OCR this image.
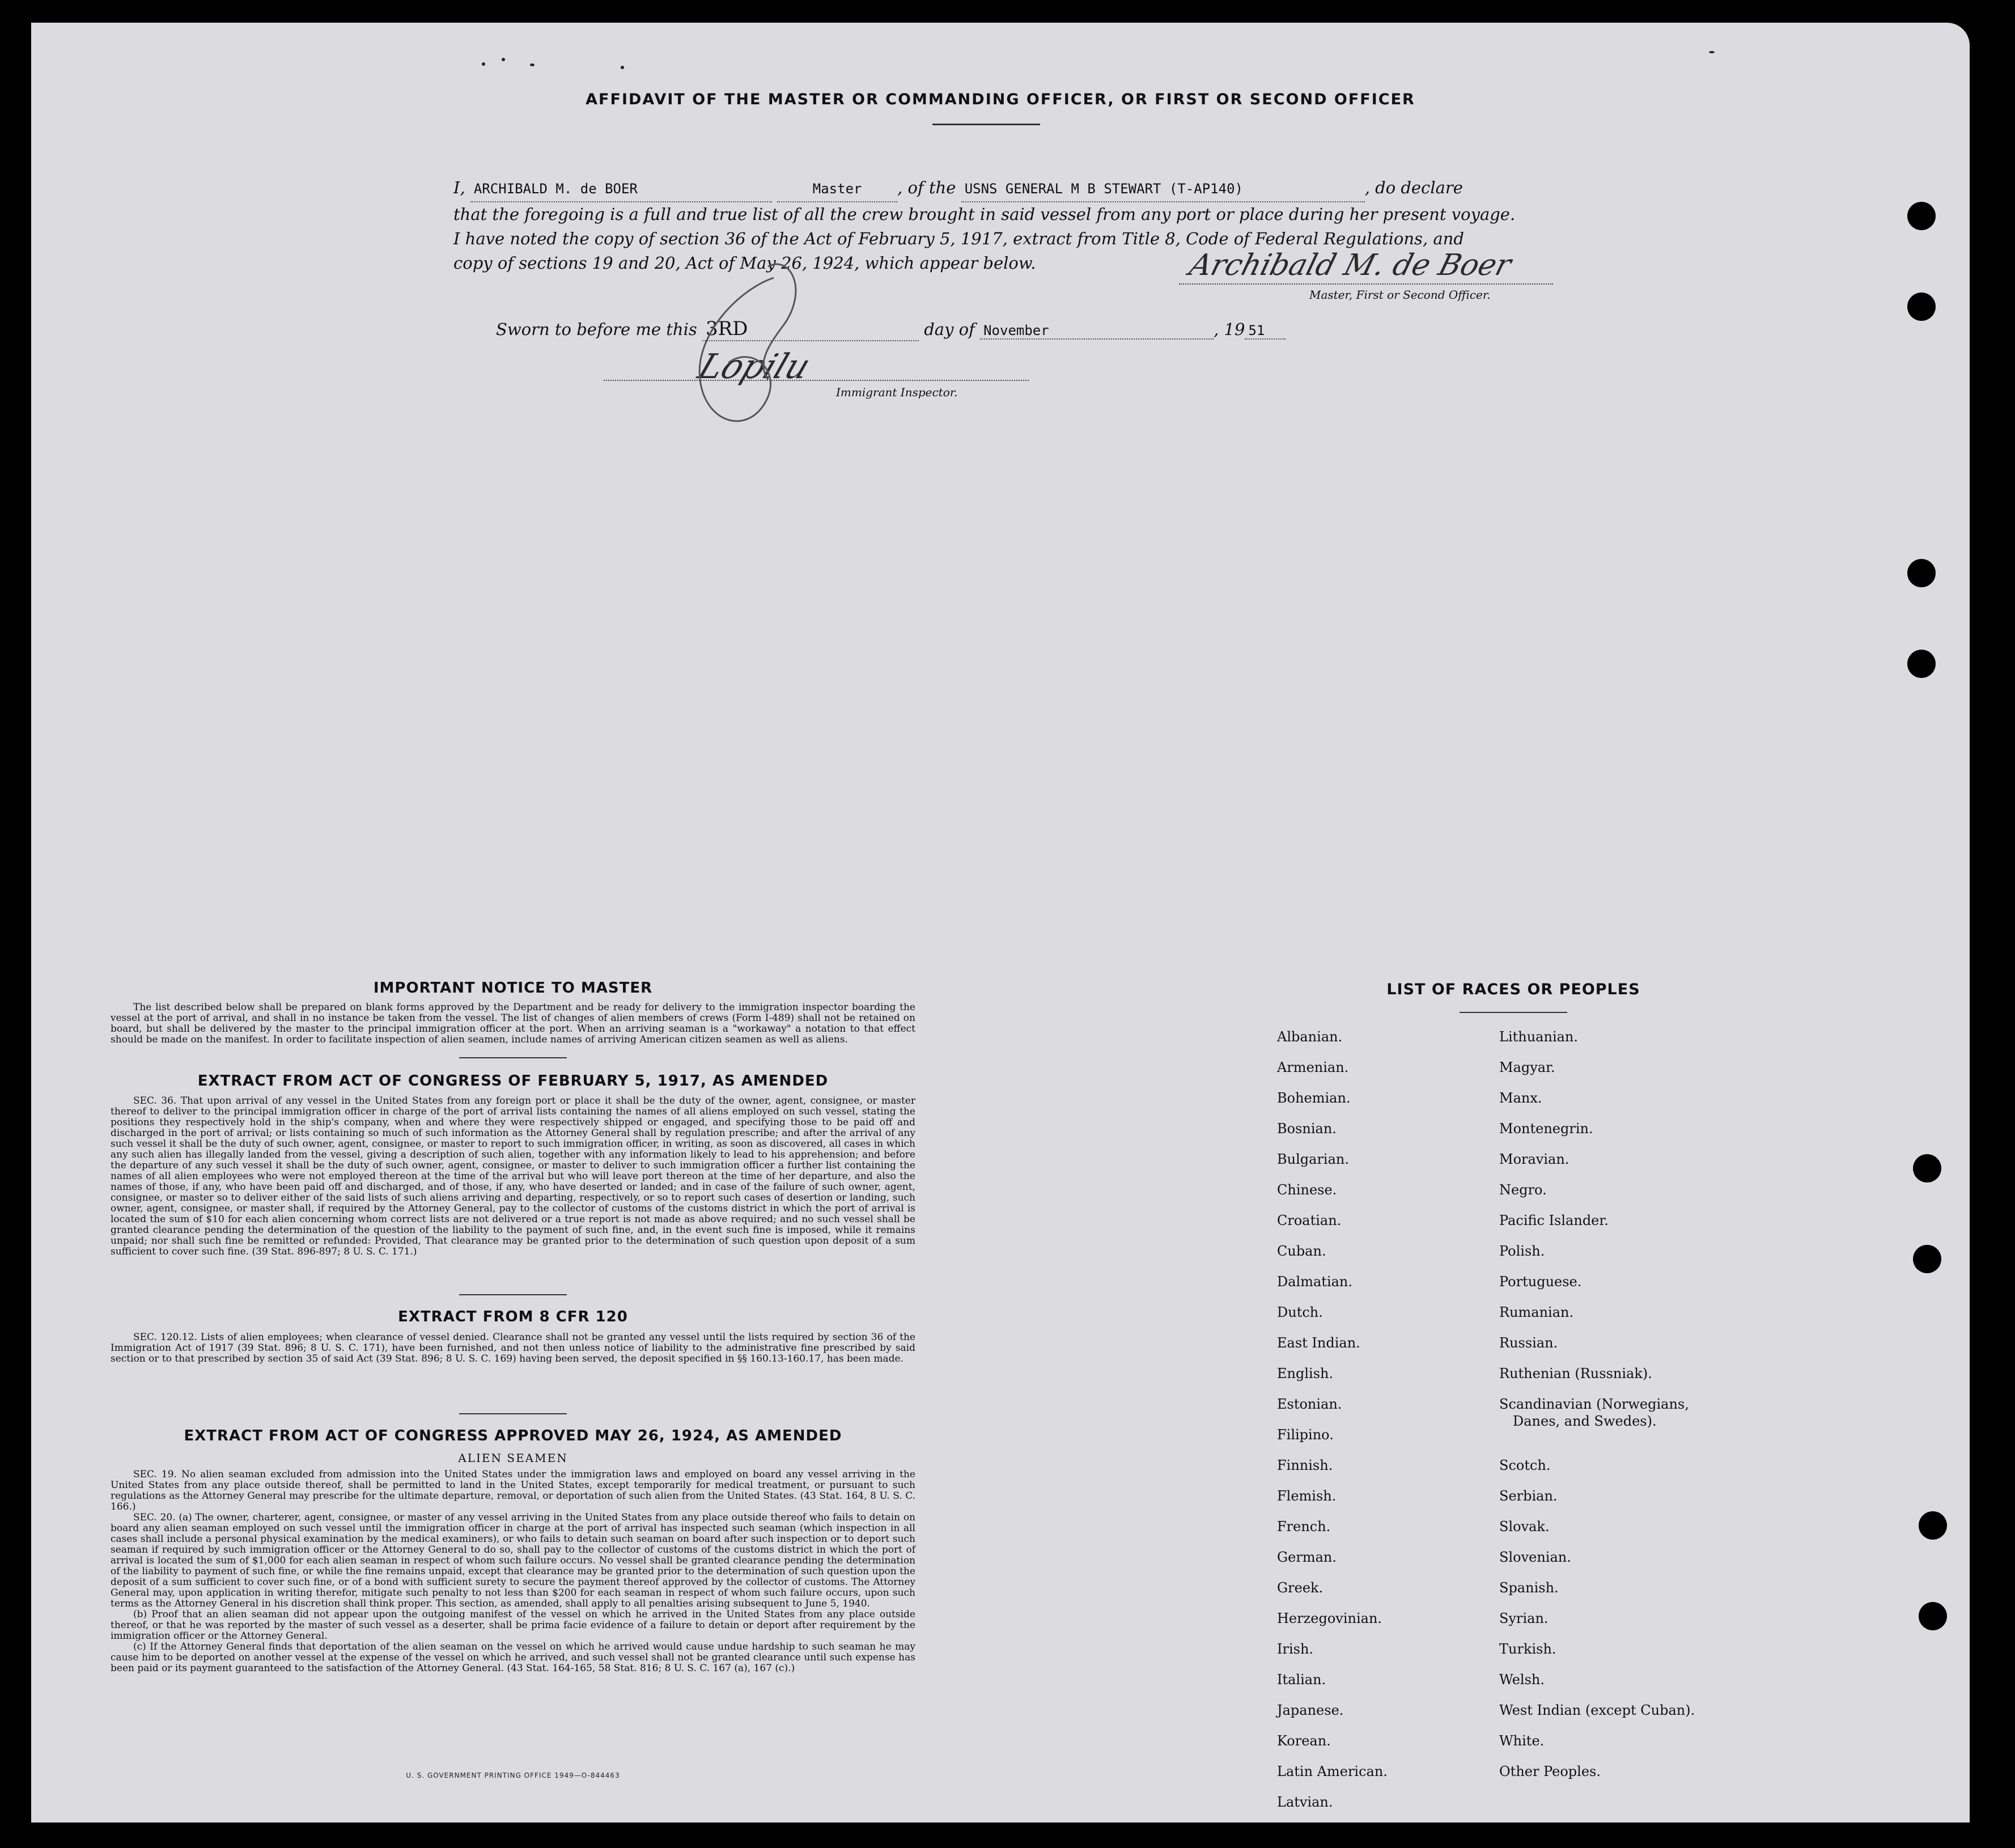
AFFIDAVIT OF THE MASTER OR COMMANDING OFFICER, OR FIRST OR SECOND OFFICER
I, ARCHIBALD M. de BOER	Master , of the USNS GENERAL M B STEWART (T-AP140)	, do declare
that the foregoing is a full and true list of all the crew brought in said vessel from any port or place during her present voyage.
I have noted the copy of section 36 of the Act of February 5, 1917, extract from Title 8, Code of Federal Regulations, and
copy of sections 19 and 20, Act of May 26, 1924, which appear below.	Archibald M. de Boer
Master, First or Second Officer.
Sworn to before me this 3RD	day of November	, 19 51
Lopilu
Immigrant Inspector.
IMPORTANT NOTICE TO MASTER
The list described below shall be prepared on blank forms approved by the Department and be ready for delivery to the immigration inspector boarding the vessel at the port of arrival, and shall in no instance be taken from the vessel. The list of changes of alien members of crews (Form I-489) shall not be retained on board, but shall be delivered by the master to the principal immigration officer at the port. When an arriving seaman is a "workaway" a notation to that effect should be made on the manifest. In order to facilitate inspection of alien seamen, include names of arriving American citizen seamen as well as aliens.
EXTRACT FROM ACT OF CONGRESS OF FEBRUARY 5, 1917, AS AMENDED
SEC. 36. That upon arrival of any vessel in the United States from any foreign port or place it shall be the duty of the owner, agent, consignee, or master thereof to deliver to the principal immigration officer in charge of the port of arrival lists containing the names of all aliens employed on such vessel, stating the positions they respectively hold in the ship's company, when and where they were respectively shipped or engaged, and specifying those to be paid off and discharged in the port of arrival; or lists containing so much of such information as the Attorney General shall by regulation prescribe; and after the arrival of any such vessel it shall be the duty of such owner, agent, consignee, or master to report to such immigration officer, in writing, as soon as discovered, all cases in which any such alien has illegally landed from the vessel, giving a description of such alien, together with any information likely to lead to his apprehension; and before the departure of any such vessel it shall be the duty of such owner, agent, consignee, or master to deliver to such immigration officer a further list containing the names of all alien employees who were not employed thereon at the time of the arrival but who will leave port thereon at the time of her departure, and also the names of those, if any, who have been paid off and discharged, and of those, if any, who have deserted or landed; and in case of the failure of such owner, agent, consignee, or master so to deliver either of the said lists of such aliens arriving and departing, respectively, or so to report such cases of desertion or landing, such owner, agent, consignee, or master shall, if required by the Attorney General, pay to the collector of customs of the customs district in which the port of arrival is located the sum of $10 for each alien concerning whom correct lists are not delivered or a true report is not made as above required; and no such vessel shall be granted clearance pending the determination of the question of the liability to the payment of such fine, and, in the event such fine is imposed, while it remains unpaid; nor shall such fine be remitted or refunded: Provided, That clearance may be granted prior to the determination of such question upon deposit of a sum sufficient to cover such fine. (39 Stat. 896-897; 8 U. S. C. 171.)
EXTRACT FROM 8 CFR 120
SEC. 120.12. Lists of alien employees; when clearance of vessel denied. Clearance shall not be granted any vessel until the lists required by section 36 of the Immigration Act of 1917 (39 Stat. 896; 8 U. S. C. 171), have been furnished, and not then unless notice of liability to the administrative fine prescribed by said section or to that prescribed by section 35 of said Act (39 Stat. 896; 8 U. S. C. 169) having been served, the deposit specified in §§ 160.13-160.17, has been made.
EXTRACT FROM ACT OF CONGRESS APPROVED MAY 26, 1924, AS AMENDED
ALIEN SEAMEN
SEC. 19. No alien seaman excluded from admission into the United States under the immigration laws and employed on board any vessel arriving in the United States from any place outside thereof, shall be permitted to land in the United States, except temporarily for medical treatment, or pursuant to such regulations as the Attorney General may prescribe for the ultimate departure, removal, or deportation of such alien from the United States. (43 Stat. 164, 8 U. S. C. 166.)
SEC. 20. (a) The owner, charterer, agent, consignee, or master of any vessel arriving in the United States from any place outside thereof who fails to detain on board any alien seaman employed on such vessel until the immigration officer in charge at the port of arrival has inspected such seaman (which inspection in all cases shall include a personal physical examination by the medical examiners), or who fails to detain such seaman on board after such inspection or to deport such seaman if required by such immigration officer or the Attorney General to do so, shall pay to the collector of customs of the customs district in which the port of arrival is located the sum of $1,000 for each alien seaman in respect of whom such failure occurs. No vessel shall be granted clearance pending the determination of the liability to payment of such fine, or while the fine remains unpaid, except that clearance may be granted prior to the determination of such question upon the deposit of a sum sufficient to cover such fine, or of a bond with sufficient surety to secure the payment thereof approved by the collector of customs. The Attorney General may, upon application in writing therefor, mitigate such penalty to not less than $200 for each seaman in respect of whom such failure occurs, upon such terms as the Attorney General in his discretion shall think proper. This section, as amended, shall apply to all penalties arising subsequent to June 5, 1940.
(b) Proof that an alien seaman did not appear upon the outgoing manifest of the vessel on which he arrived in the United States from any place outside thereof, or that he was reported by the master of such vessel as a deserter, shall be prima facie evidence of a failure to detain or deport after requirement by the immigration officer or the Attorney General.
(c) If the Attorney General finds that deportation of the alien seaman on the vessel on which he arrived would cause undue hardship to such seaman he may cause him to be deported on another vessel at the expense of the vessel on which he arrived, and such vessel shall not be granted clearance until such expense has been paid or its payment guaranteed to the satisfaction of the Attorney General. (43 Stat. 164-165, 58 Stat. 816; 8 U. S. C. 167 (a), 167 (c).)
U. S. GOVERNMENT PRINTING OFFICE 1949—O-844463
LIST OF RACES OR PEOPLES
Albanian.
Armenian.
Bohemian.
Bosnian.
Bulgarian.
Chinese.
Croatian.
Cuban.
Dalmatian.
Dutch.
East Indian.
English.
Estonian.
Filipino.
Finnish.
Flemish.
French.
German.
Greek.
Herzegovinian.
Irish.
Italian.
Japanese.
Korean.
Latin American.
Latvian.
Lithuanian.
Magyar.
Manx.
Montenegrin.
Moravian.
Negro.
Pacific Islander.
Polish.
Portuguese.
Rumanian.
Russian.
Ruthenian (Russniak).
Scandinavian (Norwegians,
Danes, and Swedes).
Scotch.
Serbian.
Slovak.
Slovenian.
Spanish.
Syrian.
Turkish.
Welsh.
West Indian (except Cuban).
White.
Other Peoples.
